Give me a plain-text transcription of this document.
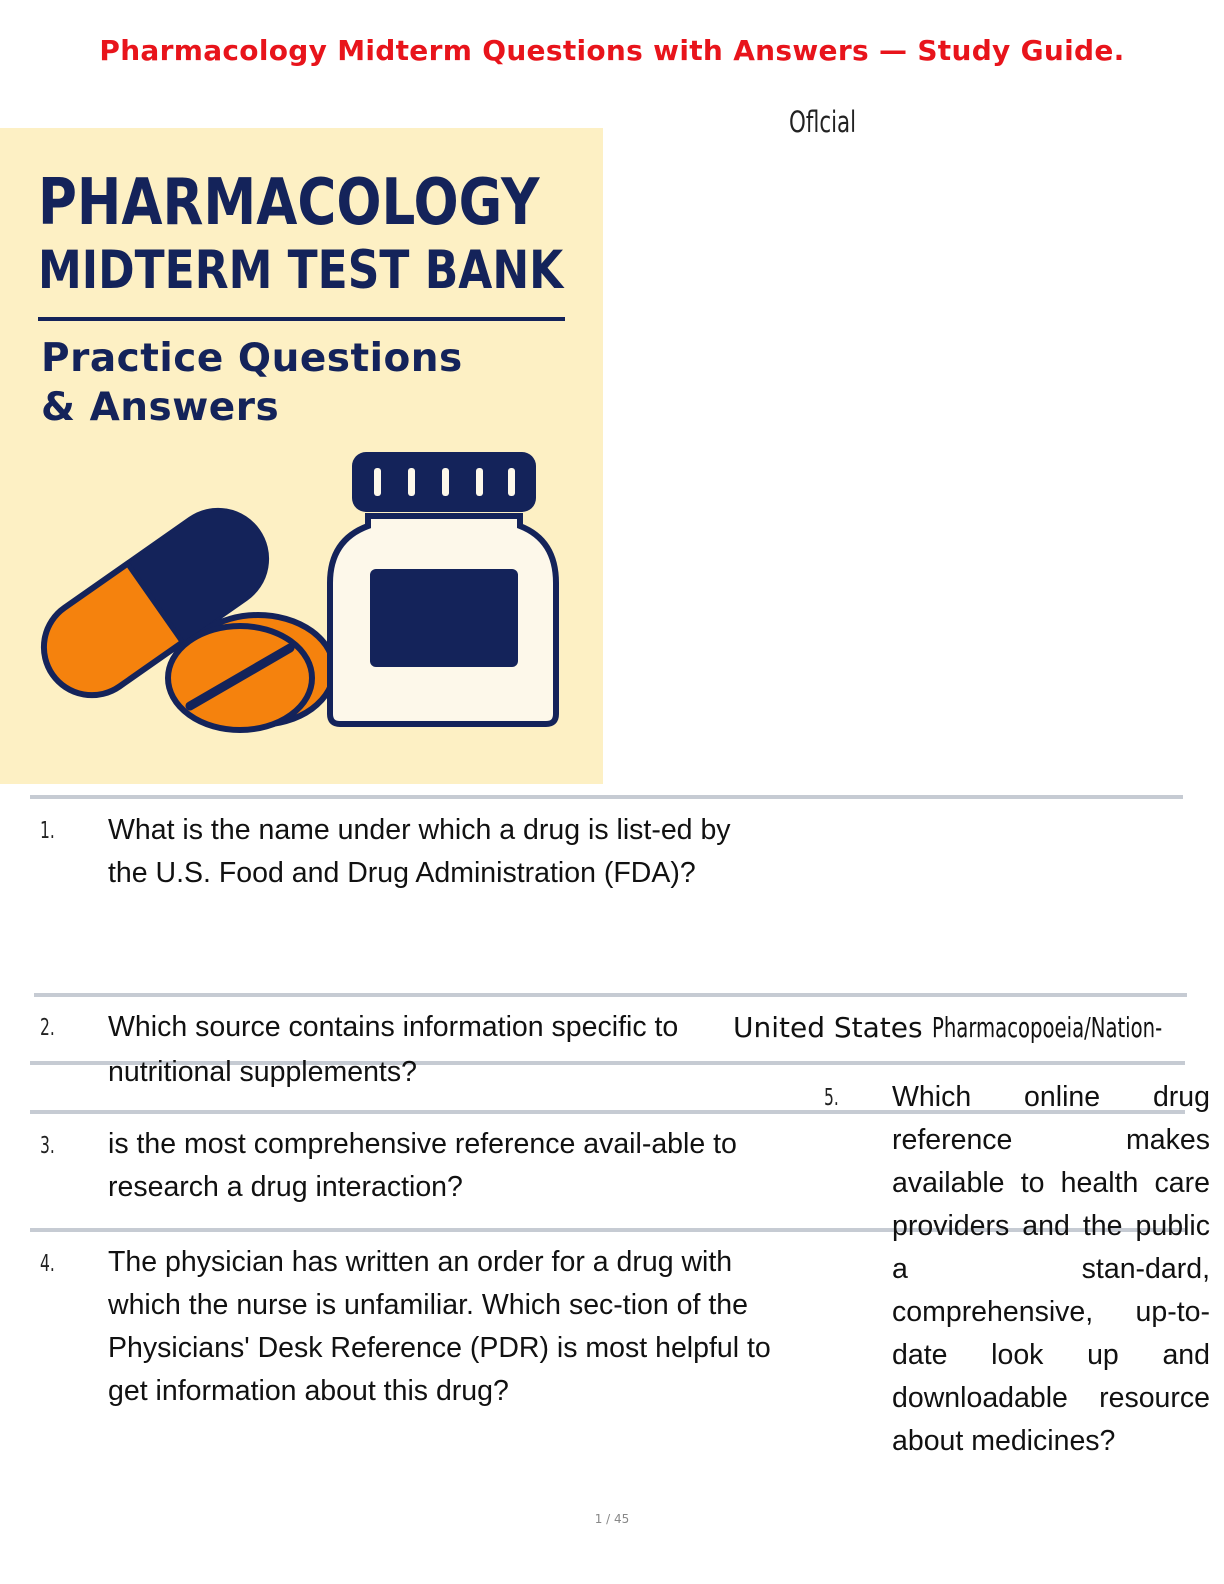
Pharmacology Midterm Questions with Answers — Study Guide.
Oflcial
PHARMACOLOGY
MIDTERM TEST BANK
Practice Questions
& Answers
1. What is the name under which a drug is list-ed by the U.S. Food and Drug Administration (FDA)?

2. Which source contains information specific to United States Pharmacopoeia/Nation-
nutritional supplements?
3. is the most comprehensive reference avail-able to research a drug interaction?

4. The physician has written an order for a drug with which the nurse is unfamiliar. Which sec-tion of the Physicians' Desk Reference (PDR) is most helpful to get information about this drug?

5. Which online drug reference makes available to health care providers and the public a stan-dard, comprehensive, up-to-date look up and downloadable resource about medicines?

1 / 45
